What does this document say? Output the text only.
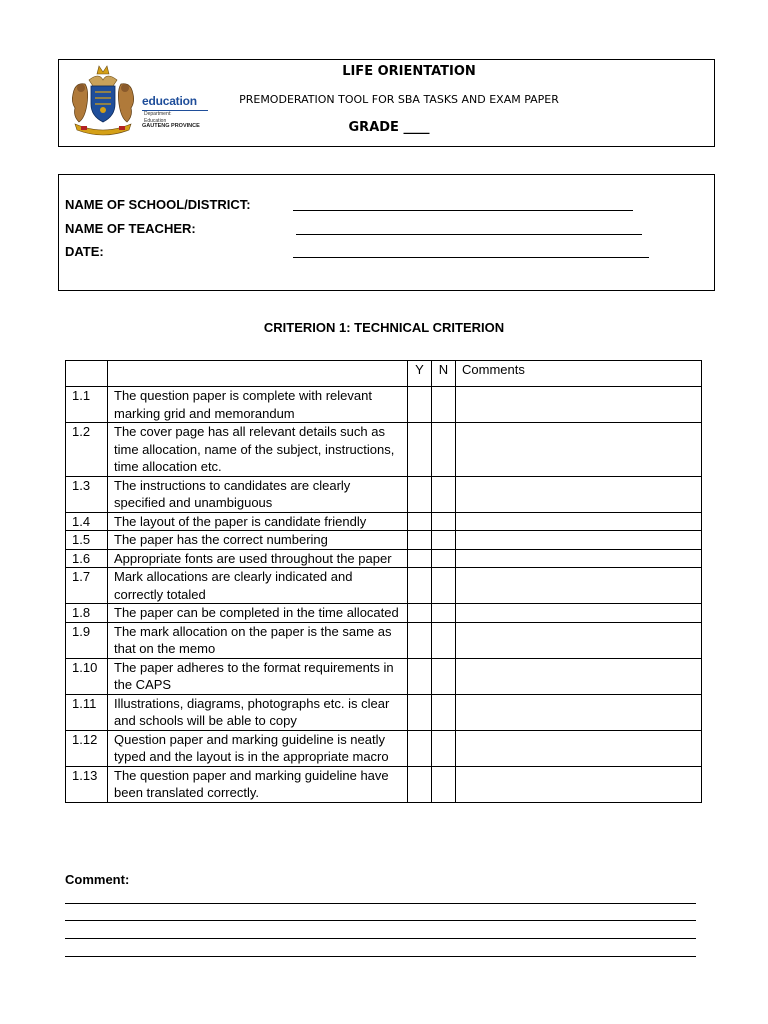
education
Department:
Education
GAUTENG PROVINCE
LIFE ORIENTATION
PREMODERATION TOOL FOR SBA TASKS AND EXAM PAPER
GRADE ____
NAME OF SCHOOL/DISTRICT:
NAME OF TEACHER:
DATE:
CRITERION 1: TECHNICAL CRITERION
		Y	N	Comments
1.1	The question paper is complete with relevant marking grid and memorandum			
1.2	The cover page has all relevant details such as time allocation, name of the subject, instructions, time allocation etc.			
1.3	The instructions to candidates are clearly specified and unambiguous			
1.4	The layout of the paper is candidate friendly			
1.5	The paper has the correct numbering			
1.6	Appropriate fonts are used throughout the paper			
1.7	Mark allocations are clearly indicated and correctly totaled			
1.8	The paper can be completed in the time allocated			
1.9	The mark allocation on the paper is the same as that on the memo			
1.10	The paper adheres to the format requirements in the CAPS			
1.11	Illustrations, diagrams, photographs etc. is clear and schools will be able to copy			
1.12	Question paper and marking guideline is neatly typed and the layout is in the appropriate macro			
1.13	The question paper and marking guideline have been translated correctly.			
Comment:
